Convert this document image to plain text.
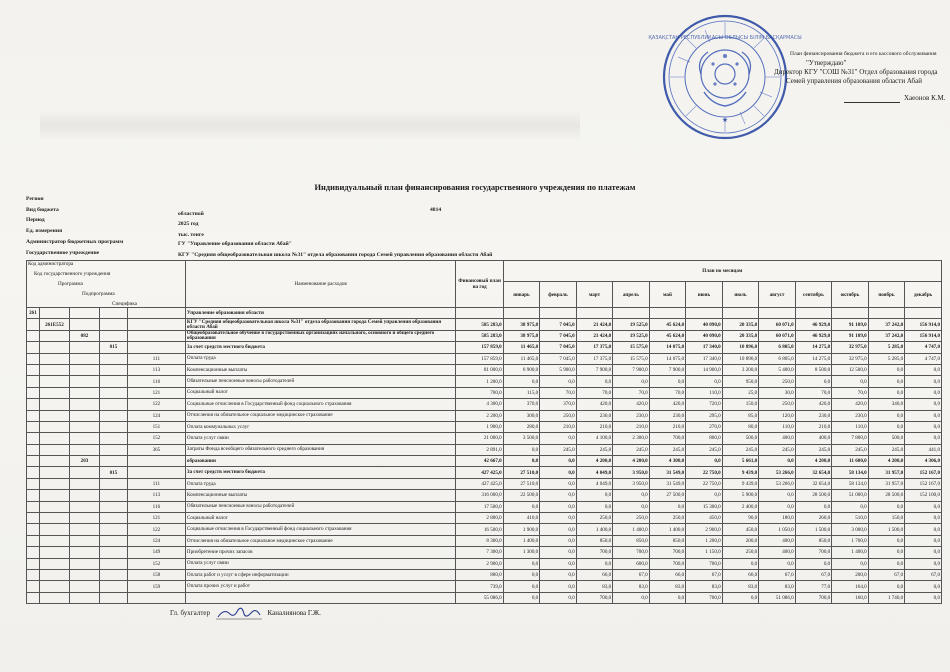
★
ҚАЗАҚСТАН РЕСПУБЛИКАСЫ ОБЛЫСЫ БІЛІМ БАСҚАРМАСЫ
План финансирования бюджета и его кассового обслуживания
"Утверждаю"
Директор КГУ "СОШ №31" Отдел образования города
Семей управления образования области Абай
Хаеонов К.М.
Индивидуальный план финансирования государственного учреждения по платежам
Регион
Вид бюджета
областной
4814
Период
2025 год
Ед. измерения
тыс. тенге
Администратор бюджетных программ	ГУ "Управление образования области Абай"
Государственное учреждение	КГУ "Средняя общеобразовательная школа №31" отдела образования города Семей управления образования области Абай
Код администратора
Код государственного учреждения
Программа
Подпрограмма
Специфика					Наименование расходов	Финансовый план на год	План по месяцам											
							январь	февраль	март	апрель	май	июнь	июль	август	сентябрь	октябрь	ноябрь	декабрь
261					Управление образования области													
	261E552				КГУ "Средняя общеобразовательная школа №31" отдела образования города Семей управления образования области Абай	585 283,0	38 975,0	7 045,0	21 424,0	19 525,0	45 624,0	40 090,0	20 335,0	60 071,0	46 929,0	91 109,0	37 242,0	156 914,0
		082			Общеобразовательное обучение в государственных организациях начального, основного и общего среднего образования	585 283,0	38 975,0	7 045,0	21 424,0	19 525,0	45 624,0	40 090,0	20 335,0	60 071,0	46 929,0	91 109,0	37 242,0	156 914,0
			015		За счет средств местного бюджета	157 859,0	11 465,0	7 045,0	17 375,0	15 575,0	14 075,0	17 340,0	10 896,0	6 805,0	14 275,0	32 975,0	5 285,0	4 747,0
				111	Оплата труда	157 859,0	11 465,0	7 045,0	17 375,0	15 575,0	14 075,0	17 340,0	10 896,0	6 805,0	14 275,0	32 975,0	5 285,0	4 747,0
				113	Компенсационные выплаты	81 000,0	6 900,0	5 900,0	7 900,0	7 900,0	7 900,0	14 900,0	3 200,0	5 400,0	8 500,0	12 500,0	0,0	0,0
				116	Обязательные пенсионные взносы работодателей	1 200,0	0,0	0,0	0,0	0,0	0,0	0,0	950,0	250,0	0,0	0,0	0,0	0,0
				121	Социальный налог	700,0	115,0	70,0	70,0	70,0	70,0	110,0	25,0	30,0	70,0	70,0	0,0	0,0
				122	Социальные отчисления в Государственный фонд социального страхования	4 300,0	370,0	370,0	420,0	420,0	420,0	720,0	150,0	250,0	420,0	420,0	340,0	0,0
				124	Отчисления на обязательное социальное медицинское страхование	2 200,0	300,0	250,0	230,0	230,0	230,0	295,0	85,0	120,0	230,0	230,0	0,0	0,0
				151	Оплата коммунальных услуг	1 900,0	280,0	210,0	210,0	210,0	210,0	270,0	80,0	110,0	210,0	110,0	0,0	0,0
				152	Оплата услуг связи	21 000,0	3 500,0	0,0	4 100,0	2 300,0	700,0	800,0	500,0	400,0	400,0	7 800,0	500,0	0,0
				365	Затраты Фонда всеобщего обязательного среднего образования	2 891,0	0,0	245,0	245,0	245,0	245,0	245,0	245,0	245,0	245,0	245,0	245,0	441,0
		203			образовании	42 667,0	0,0	0,0	4 200,0	4 200,0	4 300,0	0,0	5 661,0	0,0	4 200,0	11 600,0	4 200,0	4 306,0
			015		За счет средств местного бюджета	427 425,0	27 510,0	0,0	4 049,0	3 950,0	31 549,0	22 750,0	9 439,0	53 266,0	32 654,0	58 134,0	31 957,0	152 167,0
				111	Оплата труда	427 425,0	27 510,0	0,0	4 049,0	3 950,0	31 549,0	22 750,0	9 439,0	53 266,0	32 654,0	58 134,0	31 957,0	152 167,0
				113	Компенсационные выплаты	316 000,0	22 500,0	0,0	0,0	0,0	27 500,0	0,0	5 900,0	0,0	28 500,0	51 000,0	28 500,0	152 100,0
				116	Обязательные пенсионные взносы работодателей	17 500,0	0,0	0,0	0,0	0,0	0,0	15 300,0	2 400,0	0,0	0,0	0,0	0,0	0,0
				121	Социальный налог	2 800,0	410,0	0,0	250,0	250,0	250,0	450,0	90,0	180,0	260,0	510,0	150,0	0,0
				122	Социальные отчисления в Государственный фонд социального страхования	16 500,0	1 900,0	0,0	1 400,0	1 400,0	1 400,0	2 900,0	450,0	1 050,0	1 500,0	3 000,0	1 500,0	0,0
				124	Отчисления на обязательное социальное медицинское страхование	8 300,0	1 400,0	0,0	850,0	850,0	850,0	1 200,0	200,0	400,0	850,0	1 700,0	0,0	0,0
				149	Приобретение прочих запасов	7 300,0	1 300,0	0,0	700,0	700,0	700,0	1 150,0	250,0	400,0	700,0	1 400,0	0,0	0,0
				152	Оплата услуг связи	2 900,0	0,0	0,0	0,0	600,0	700,0	700,0	0,0	0,0	0,0	0,0	0,0	0,0
				158	Оплата работ и услуг в сфере информатизации	800,0	0,0	0,0	66,0	67,0	66,0	67,0	66,0	67,0	67,0	200,0	67,0	67,0
				159	Оплата прочих услуг и работ	739,0	0,0	0,0	83,0	83,0	83,0	83,0	83,0	83,0	77,0	164,0	0,0	0,0
						55 086,0	0,0	0,0	700,0	0,0	0,0	700,0	0,0	51 086,0	700,0	160,0	1 740,0	0,0
Гл. бухгалтер	Каналиянова Г.Ж.
